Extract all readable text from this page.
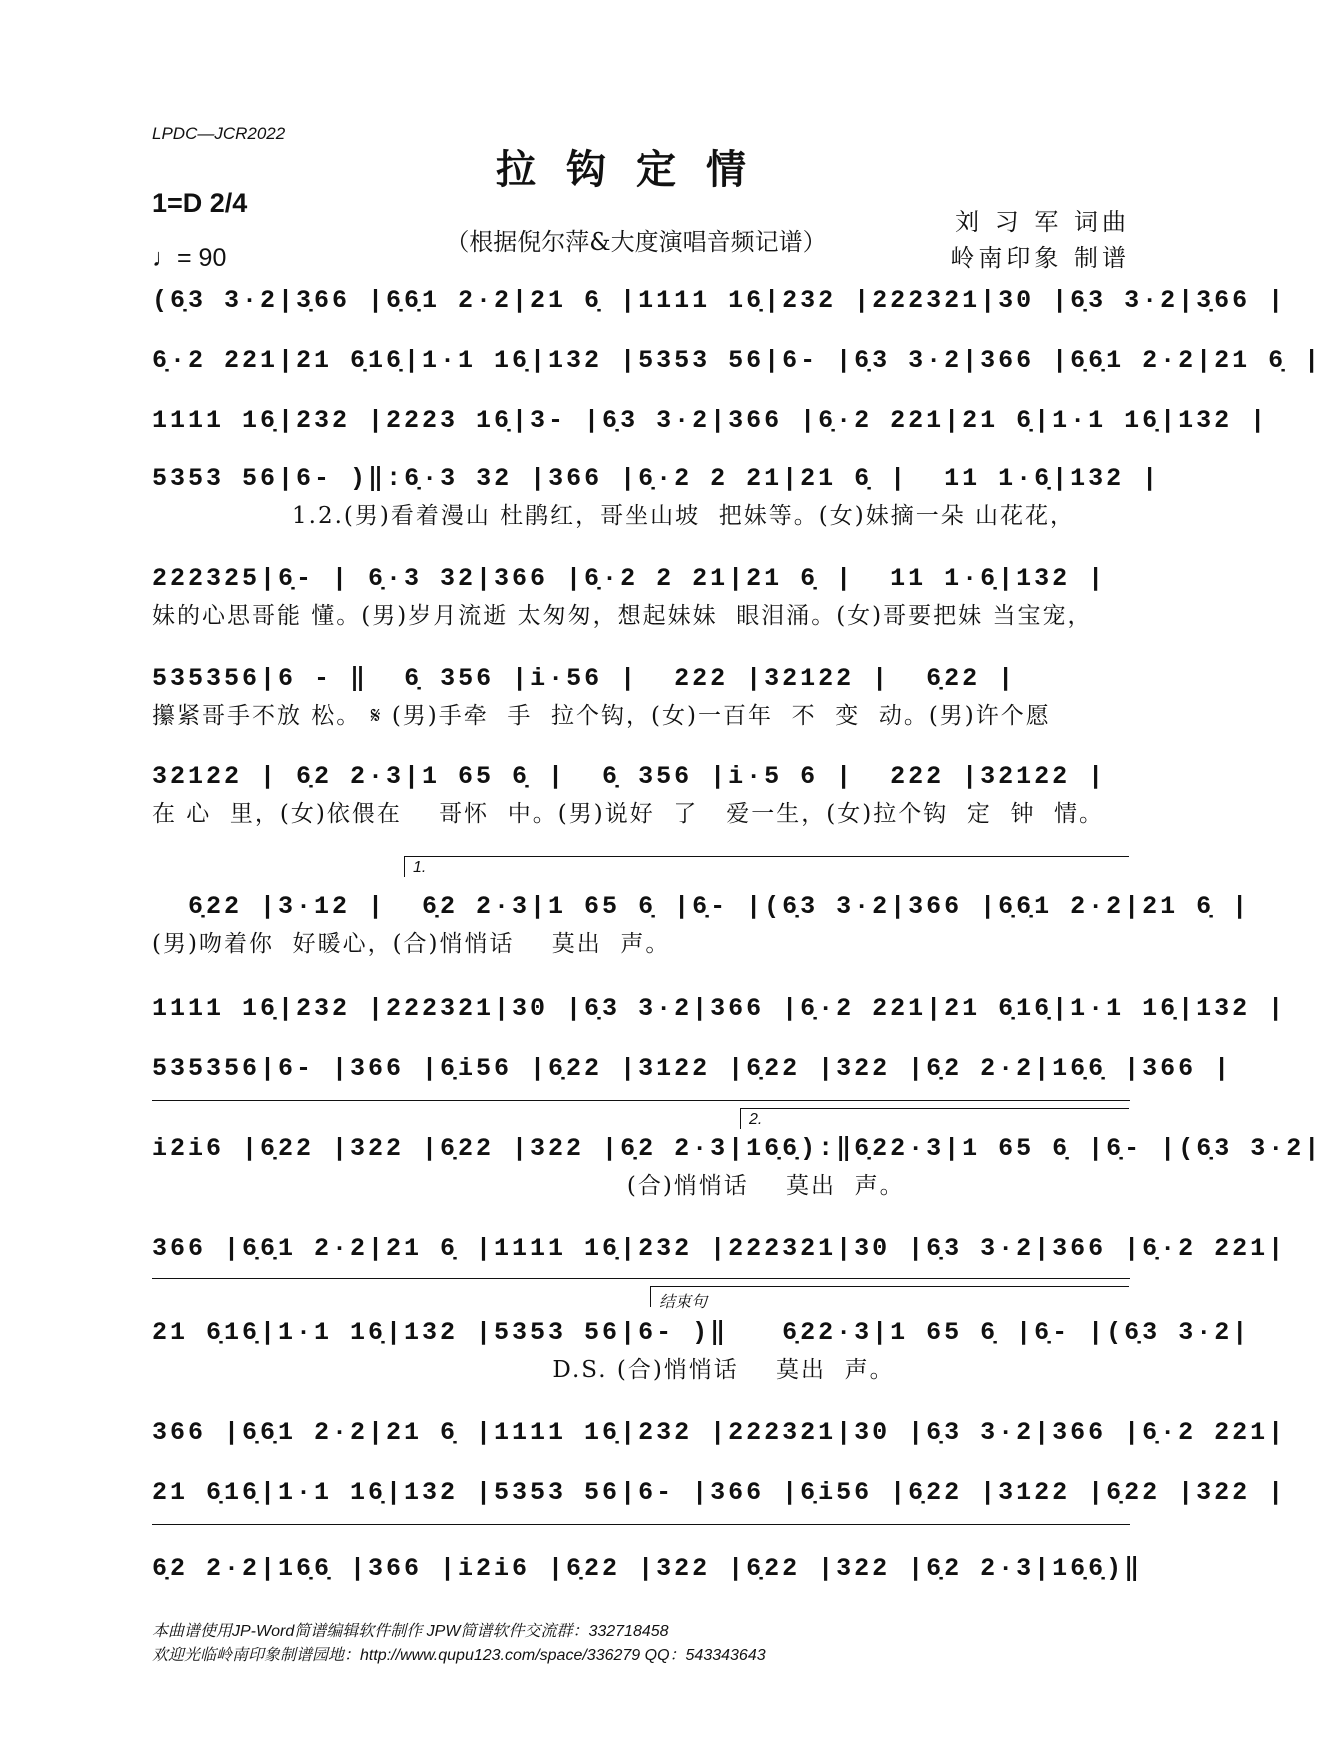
LPDC—JCR2022
拉钩定情
1=D 2/4
♩= 90
（根据倪尔萍&大度演唱音频记谱）
刘 习 军 词曲
岭南印象 制谱
(6̣3 3·2|3̣66 |6̣6̣1 2·2|21 6̣ |1111 16̣|232 |222321|30 |6̣3 3·2|3̣66 |
6̣·2 221|21 6̣16̣|1·1 16̣|132 |5353 56|6- |6̣3 3·2|366 |6̣6̣1 2·2|21 6̣ |
1111 16̣|232 |2223 16̣|3- |6̣3 3·2|366 |6̣·2 221|21 6̣|1·1 16̣|132 |
5353 56|6- )‖:6̣·3 32 |366 |6̣·2 2 21|21 6̣ |  11 1·6̣|132 |
1.2.(男)看着漫山 杜鹃红，哥坐山坡  把妹等。(女)妹摘一朵 山花花，
222325|6̣- | 6̣·3 32|366 |6̣·2 2 21|21 6̣ |  11 1·6̣|132 |
妹的心思哥能 懂。(男)岁月流逝 太匆匆，想起妹妹  眼泪涌。(女)哥要把妹 当宝宠，
535356|6 - ‖  6̣ 356 |i·56 |  222 |32122 |  6̣22 |
攥紧哥手不放 松。 𝄋 (男)手牵  手  拉个钩，(女)一百年  不  变  动。(男)许个愿
32122 | 6̣2 2·3|1 65 6̣ |  6̣ 356 |i·5 6 |  222 |32122 |
在 心  里，(女)依偎在    哥怀  中。(男)说好  了   爱一生，(女)拉个钩  定  钟  情。
1.
6̣22 |3·12 |  6̣2 2·3|1 65 6̣ |6̣- |(6̣3 3·2|366 |6̣6̣1 2·2|21 6̣ |
(男)吻着你  好暖心，(合)悄悄话    莫出  声。
1111 16̣|232 |222321|30 |6̣3 3·2|366 |6̣·2 221|21 6̣16̣|1·1 16̣|132 |
535356|6- |366 |6̣i56 |6̣22 |3122 |6̣22 |322 |6̣2 2·2|16̣6̣ |366 |
2.
i2i6 |6̣22 |322 |6̣22 |322 |6̣2 2·3|16̣6̣):‖6̣22·3|1 65 6̣ |6̣- |(6̣3 3·2|
(合)悄悄话    莫出  声。
366 |6̣6̣1 2·2|21 6̣ |1111 16̣|232 |222321|30 |6̣3 3·2|366 |6̣·2 221|
结束句
21 6̣16̣|1·1 16̣|132 |5353 56|6- )‖   6̣22·3|1 65 6̣ |6̣- |(6̣3 3·2|
D.S. (合)悄悄话    莫出  声。
366 |6̣6̣1 2·2|21 6̣ |1111 16̣|232 |222321|30 |6̣3 3·2|366 |6̣·2 221|
21 6̣16̣|1·1 16̣|132 |5353 56|6- |366 |6̣i56 |6̣22 |3122 |6̣22 |322 |
6̣2 2·2|16̣6̣ |366 |i2i6 |6̣22 |322 |6̣22 |322 |6̣2 2·3|16̣6̣)‖
本曲谱使用JP-Word简谱编辑软件制作 JPW简谱软件交流群：332718458
欢迎光临岭南印象制谱园地：http://www.qupu123.com/space/336279 QQ：543343643
